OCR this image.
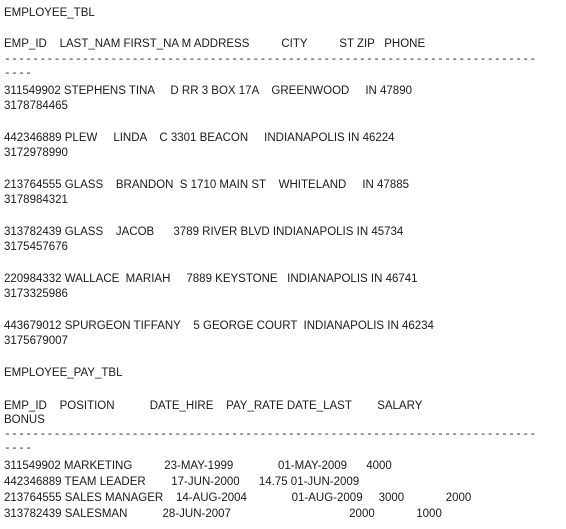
EMPLOYEE_TBL
EMP_ID    LAST_NAM FIRST_NA M ADDRESS          CITY          ST ZIP   PHONE
---------------------------------------------------------------------------
----
311549902 STEPHENS TINA     D RR 3 BOX 17A    GREENWOOD     IN 47890
3178784465
442346889 PLEW     LINDA    C 3301 BEACON     INDIANAPOLIS IN 46224
3172978990
213764555 GLASS    BRANDON  S 1710 MAIN ST    WHITELAND     IN 47885
3178984321
313782439 GLASS    JACOB      3789 RIVER BLVD INDIANAPOLIS IN 45734
3175457676
220984332 WALLACE  MARIAH     7889 KEYSTONE   INDIANAPOLIS IN 46741
3173325986
443679012 SPURGEON TIFFANY    5 GEORGE COURT  INDIANAPOLIS IN 46234
3175679007
EMPLOYEE_PAY_TBL
EMP_ID    POSITION           DATE_HIRE    PAY_RATE DATE_LAST        SALARY
BONUS
---------------------------------------------------------------------------
----
311549902 MARKETING          23-MAY-1999              01-MAY-2009      4000
442346889 TEAM LEADER        17-JUN-2000      14.75 01-JUN-2009
213764555 SALES MANAGER    14-AUG-2004              01-AUG-2009     3000             2000
313782439 SALESMAN           28-JUN-2007                                     2000             1000
